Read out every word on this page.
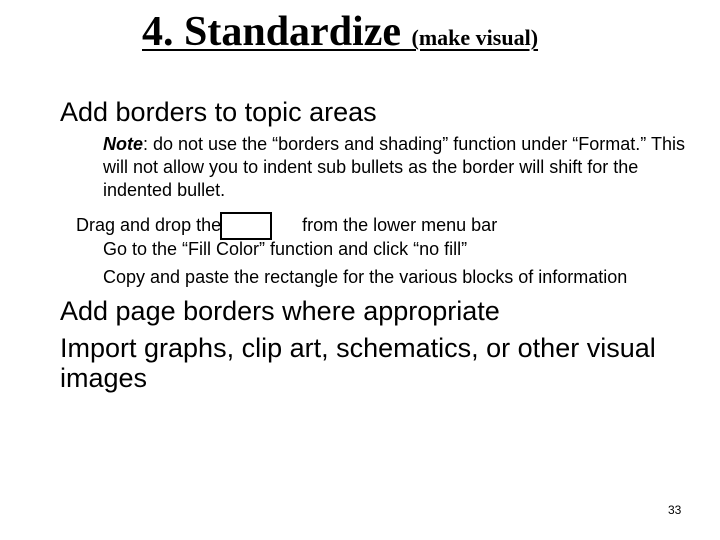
4. Standardize (make visual)
Add borders to topic areas
Note: do not use the “borders and shading” function under “Format.” This will not allow you to indent sub bullets as the border will shift for the indented bullet.
Drag and drop the	from the lower menu bar
Go to the “Fill Color” function and click “no fill”
Copy and paste the rectangle for the various blocks of information
Add page borders where appropriate
Import graphs, clip art, schematics, or other visual images
33
